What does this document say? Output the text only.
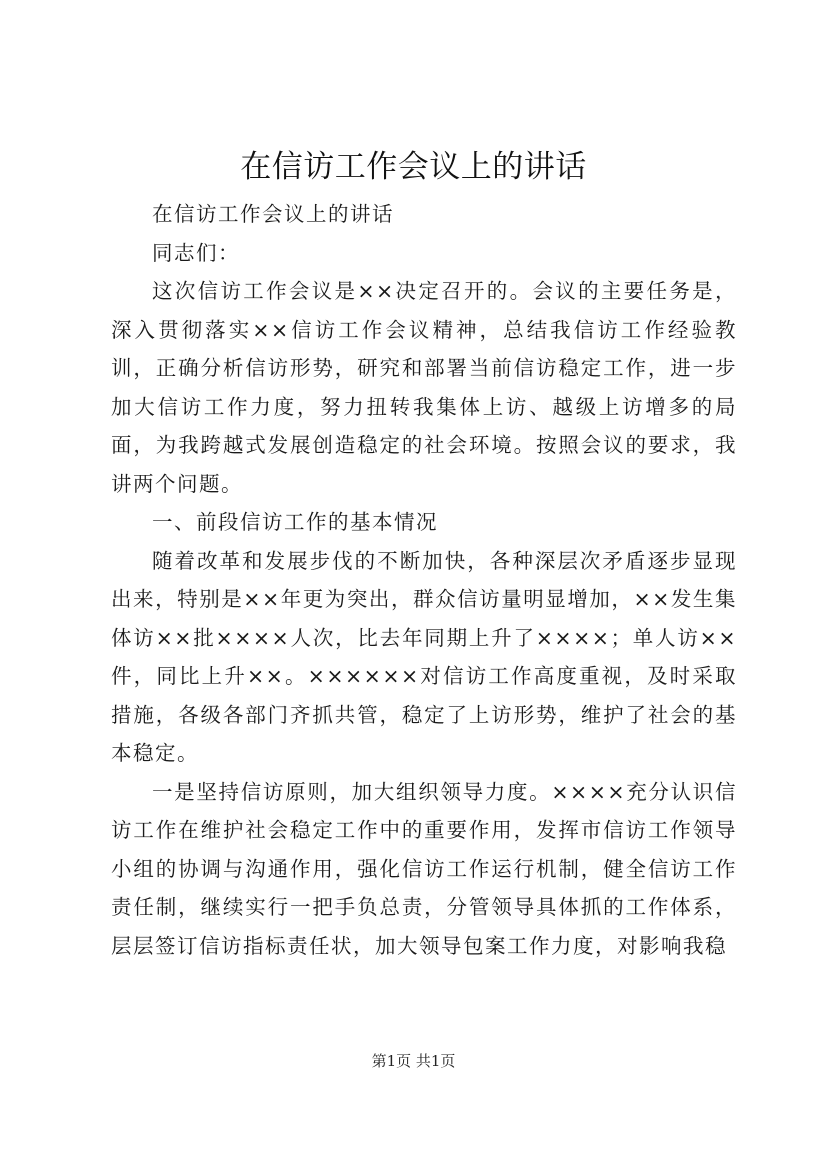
在信访工作会议上的讲话

在信访工作会议上的讲话

同志们：

这次信访工作会议是××决定召开的。会议的主要任务是，深入贯彻落实××信访工作会议精神，总结我信访工作经验教训，正确分析信访形势，研究和部署当前信访稳定工作，进一步加大信访工作力度，努力扭转我集体上访、越级上访增多的局面，为我跨越式发展创造稳定的社会环境。按照会议的要求，我讲两个问题。

一、前段信访工作的基本情况

随着改革和发展步伐的不断加快，各种深层次矛盾逐步显现出来，特别是××年更为突出，群众信访量明显增加，××发生集体访××批××××人次，比去年同期上升了××××；单人访××件，同比上升××。××××××对信访工作高度重视，及时采取措施，各级各部门齐抓共管，稳定了上访形势，维护了社会的基本稳定。

一是坚持信访原则，加大组织领导力度。××××充分认识信访工作在维护社会稳定工作中的重要作用，发挥市信访工作领导小组的协调与沟通作用，强化信访工作运行机制，健全信访工作责任制，继续实行一把手负总责，分管领导具体抓的工作体系，层层签订信访指标责任状，加大领导包案工作力度，对影响我稳

第1页 共1页
